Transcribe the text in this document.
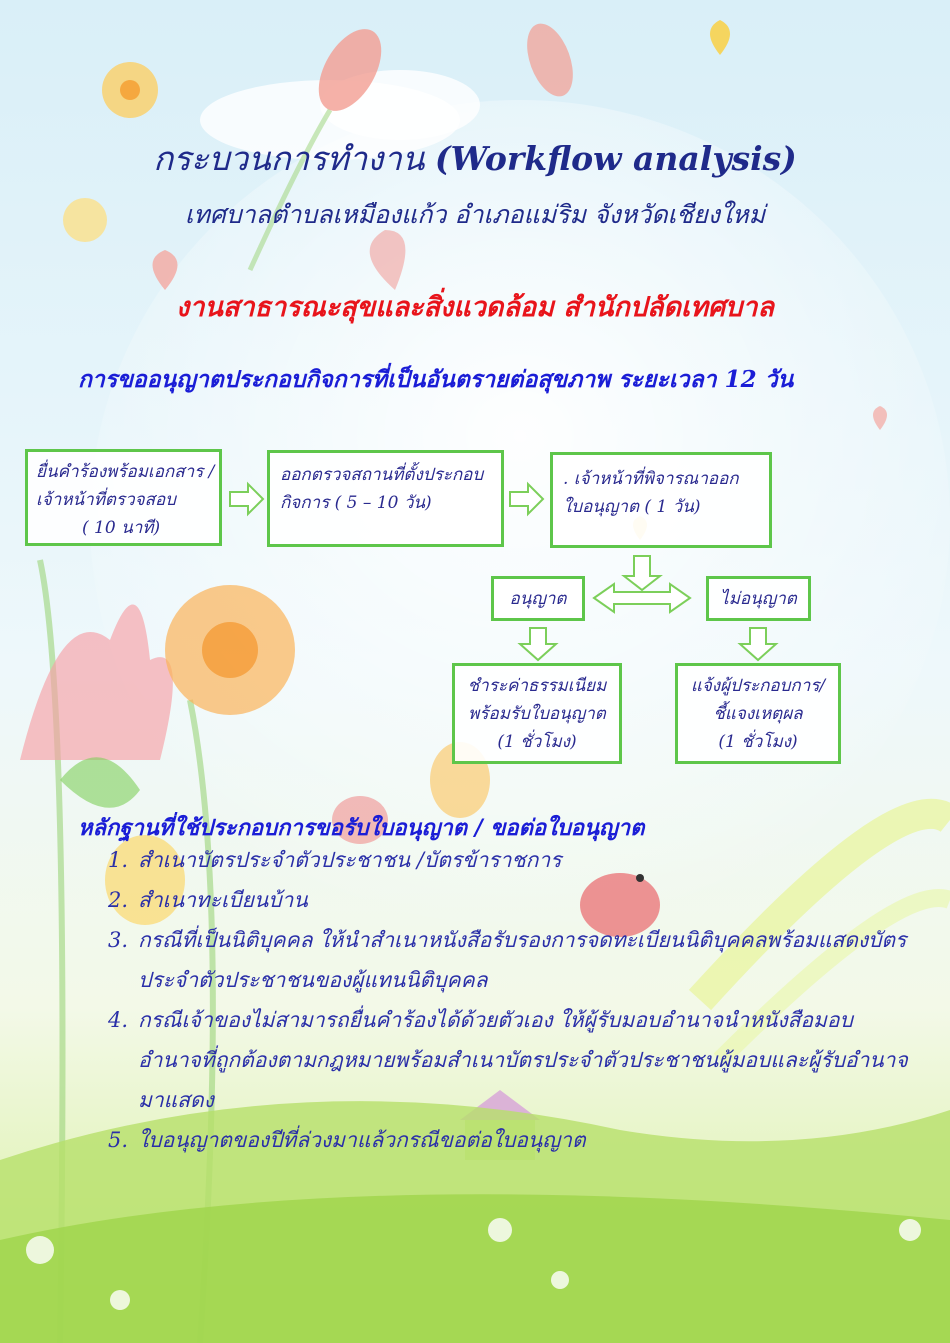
กระบวนการทำงาน (Workflow analysis)
เทศบาลตำบลเหมืองแก้ว อำเภอแม่ริม จังหวัดเชียงใหม่
งานสาธารณะสุขและสิ่งแวดล้อม สำนักปลัดเทศบาล
การขออนุญาตประกอบกิจการที่เป็นอันตรายต่อสุขภาพ ระยะเวลา 12 วัน
ยื่นคำร้องพร้อมเอกสาร /
เจ้าหน้าที่ตรวจสอบ
( 10 นาที)
ออกตรวจสถานที่ตั้งประกอบ
กิจการ ( 5 – 10 วัน)
. เจ้าหน้าที่พิจารณาออก
ใบอนุญาต ( 1 วัน)
อนุญาต	ไม่อนุญาต
ชำระค่าธรรมเนียม
พร้อมรับใบอนุญาต
(1 ชั่วโมง)
แจ้งผู้ประกอบการ/
ชี้แจงเหตุผล
(1 ชั่วโมง)
หลักฐานที่ใช้ประกอบการขอรับใบอนุญาต / ขอต่อใบอนุญาต
1. สำเนาบัตรประจำตัวประชาชน /บัตรข้าราชการ
2. สำเนาทะเบียนบ้าน
3. กรณีที่เป็นนิติบุคคล ให้นำสำเนาหนังสือรับรองการจดทะเบียนนิติบุคคลพร้อมแสดงบัตรประจำตัวประชาชนของผู้แทนนิติบุคคล
4. กรณีเจ้าของไม่สามารถยื่นคำร้องได้ด้วยตัวเอง ให้ผู้รับมอบอำนาจนำหนังสือมอบอำนาจที่ถูกต้องตามกฎหมายพร้อมสำเนาบัตรประจำตัวประชาชนผู้มอบและผู้รับอำนาจมาแสดง
5. ใบอนุญาตของปีที่ล่วงมาแล้วกรณีขอต่อใบอนุญาต
